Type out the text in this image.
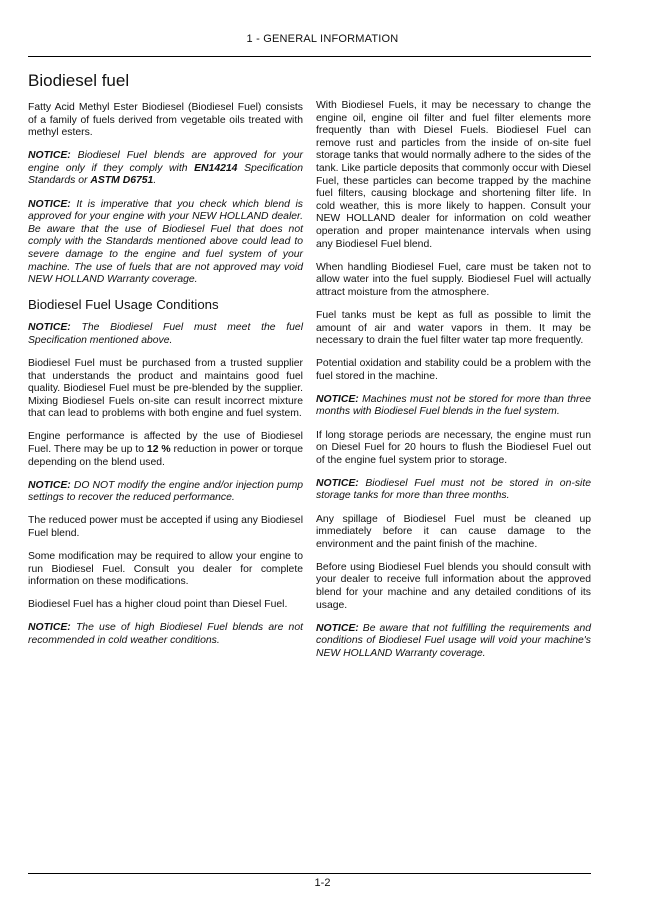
1 - GENERAL INFORMATION
Biodiesel fuel

Fatty Acid Methyl Ester Biodiesel (Biodiesel Fuel) consists of a family of fuels derived from vegetable oils treated with methyl esters.

NOTICE: Biodiesel Fuel blends are approved for your engine only if they comply with EN14214 Specification Standards or ASTM D6751.

NOTICE: It is imperative that you check which blend is approved for your engine with your NEW HOLLAND dealer. Be aware that the use of Biodiesel Fuel that does not comply with the Standards mentioned above could lead to severe damage to the engine and fuel system of your machine. The use of fuels that are not approved may void NEW HOLLAND Warranty coverage.

Biodiesel Fuel Usage Conditions

NOTICE: The Biodiesel Fuel must meet the fuel Specification mentioned above.

Biodiesel Fuel must be purchased from a trusted supplier that understands the product and maintains good fuel quality. Biodiesel Fuel must be pre-blended by the supplier. Mixing Biodiesel Fuels on-site can result incorrect mixture that can lead to problems with both engine and fuel system.

Engine performance is affected by the use of Biodiesel Fuel. There may be up to 12 % reduction in power or torque depending on the blend used.

NOTICE: DO NOT modify the engine and/or injection pump settings to recover the reduced performance.

The reduced power must be accepted if using any Biodiesel Fuel blend.

Some modification may be required to allow your engine to run Biodiesel Fuel. Consult you dealer for complete information on these modifications.

Biodiesel Fuel has a higher cloud point than Diesel Fuel.

NOTICE: The use of high Biodiesel Fuel blends are not recommended in cold weather conditions.

With Biodiesel Fuels, it may be necessary to change the engine oil, engine oil filter and fuel filter elements more frequently than with Diesel Fuels. Biodiesel Fuel can remove rust and particles from the inside of on-site fuel storage tanks that would normally adhere to the sides of the tank. Like particle deposits that commonly occur with Diesel Fuel, these particles can become trapped by the machine fuel filters, causing blockage and shortening filter life. In cold weather, this is more likely to happen. Consult your NEW HOLLAND dealer for information on cold weather operation and proper maintenance intervals when using any Biodiesel Fuel blend.

When handling Biodiesel Fuel, care must be taken not to allow water into the fuel supply. Biodiesel Fuel will actually attract moisture from the atmosphere.

Fuel tanks must be kept as full as possible to limit the amount of air and water vapors in them. It may be necessary to drain the fuel filter water tap more frequently.

Potential oxidation and stability could be a problem with the fuel stored in the machine.

NOTICE: Machines must not be stored for more than three months with Biodiesel Fuel blends in the fuel system.

If long storage periods are necessary, the engine must run on Diesel Fuel for 20 hours to flush the Biodiesel Fuel out of the engine fuel system prior to storage.

NOTICE: Biodiesel Fuel must not be stored in on-site storage tanks for more than three months.

Any spillage of Biodiesel Fuel must be cleaned up immediately before it can cause damage to the environment and the paint finish of the machine.

Before using Biodiesel Fuel blends you should consult with your dealer to receive full information about the approved blend for your machine and any detailed conditions of its usage.

NOTICE: Be aware that not fulfilling the requirements and conditions of Biodiesel Fuel usage will void your machine's NEW HOLLAND Warranty coverage.

1-2
